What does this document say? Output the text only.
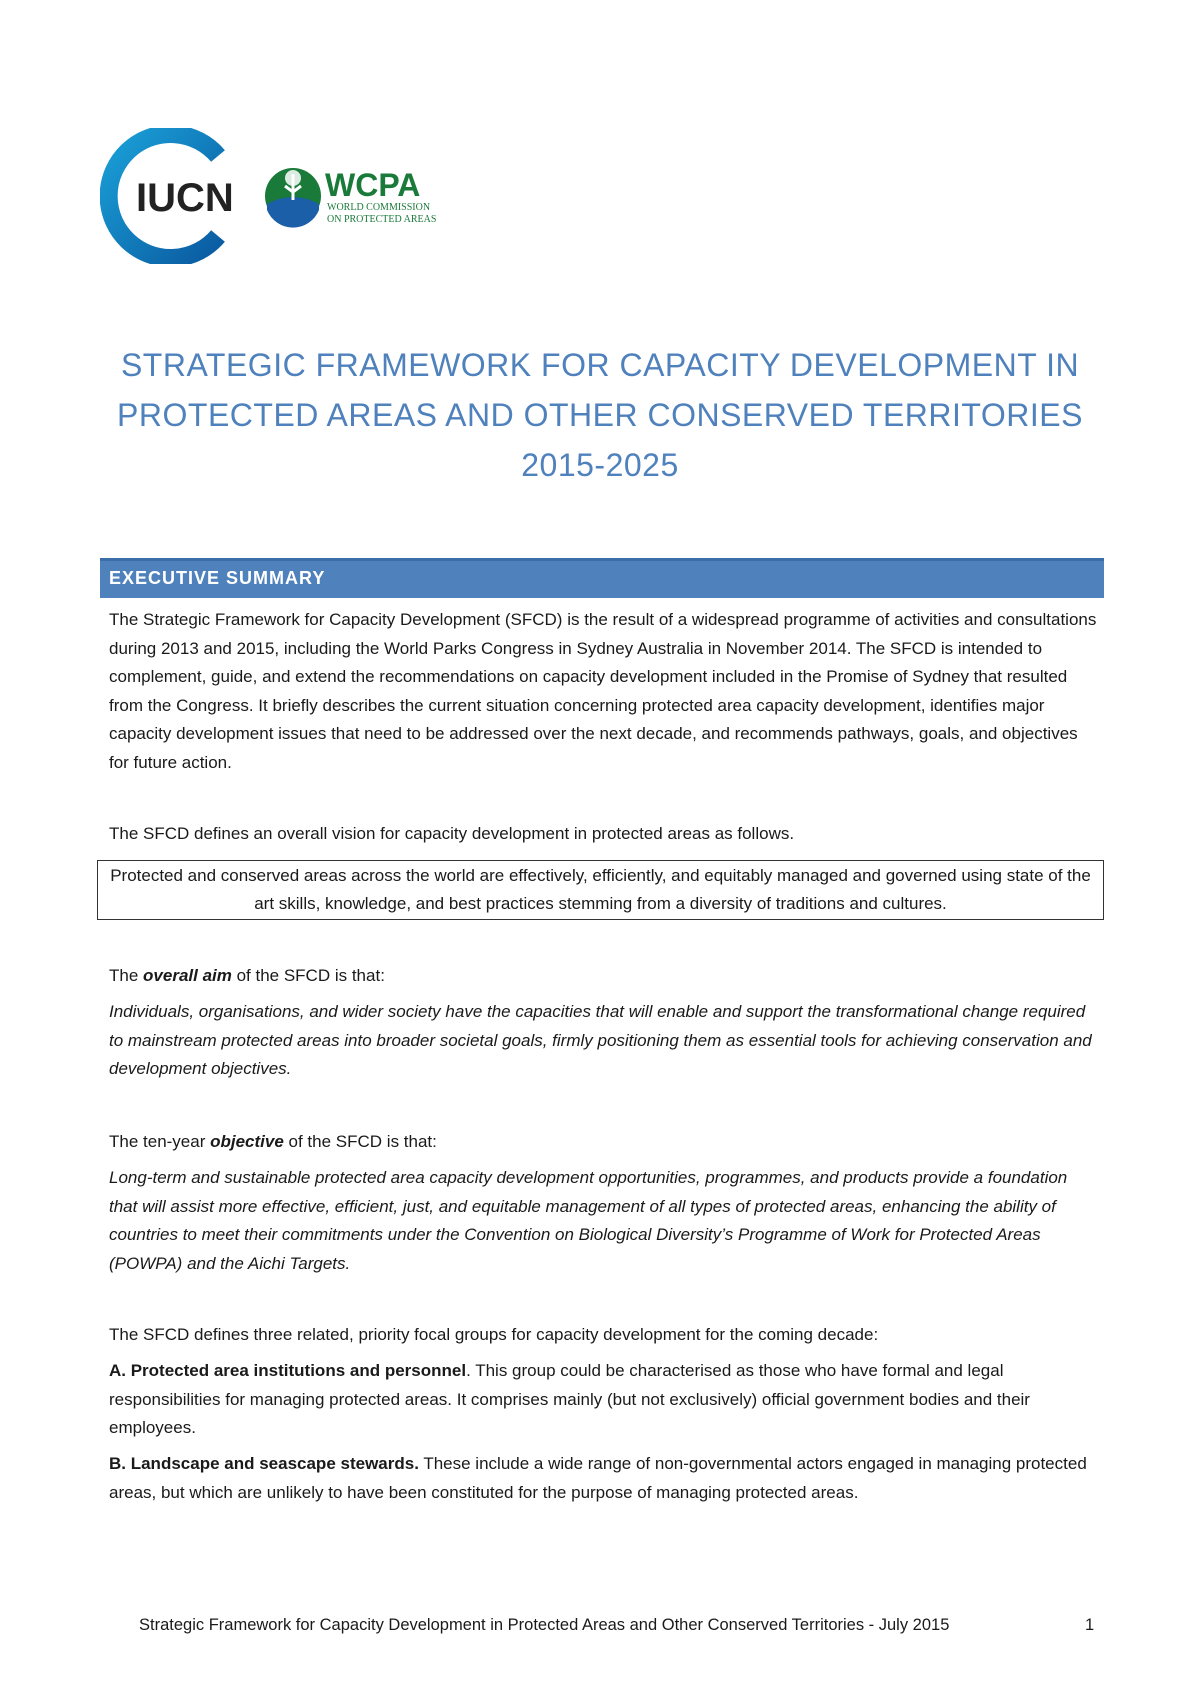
IUCN	WCPA
WORLD COMMISSION
ON PROTECTED AREAS
STRATEGIC FRAMEWORK FOR CAPACITY DEVELOPMENT IN
PROTECTED AREAS AND OTHER CONSERVED TERRITORIES
2015-2025
EXECUTIVE SUMMARY
The Strategic Framework for Capacity Development (SFCD) is the result of a widespread programme of activities and consultations during 2013 and 2015, including the World Parks Congress in Sydney Australia in November 2014. The SFCD is intended to complement, guide, and extend the recommendations on capacity development included in the Promise of Sydney that resulted from the Congress. It briefly describes the current situation concerning protected area capacity development, identifies major capacity development issues that need to be addressed over the next decade, and recommends pathways, goals, and objectives for future action.
The SFCD defines an overall vision for capacity development in protected areas as follows.
Protected and conserved areas across the world are effectively, efficiently, and equitably managed and governed using state of the art skills, knowledge, and best practices stemming from a diversity of traditions and cultures.
The overall aim of the SFCD is that:
Individuals, organisations, and wider society have the capacities that will enable and support the transformational change required to mainstream protected areas into broader societal goals, firmly positioning them as essential tools for achieving conservation and development objectives.
The ten-year objective of the SFCD is that:
Long-term and sustainable protected area capacity development opportunities, programmes, and products provide a foundation that will assist more effective, efficient, just, and equitable management of all types of protected areas, enhancing the ability of countries to meet their commitments under the Convention on Biological Diversity’s Programme of Work for Protected Areas (POWPA) and the Aichi Targets.
The SFCD defines three related, priority focal groups for capacity development for the coming decade:
A. Protected area institutions and personnel. This group could be characterised as those who have formal and legal responsibilities for managing protected areas. It comprises mainly (but not exclusively) official government bodies and their employees.
B. Landscape and seascape stewards. These include a wide range of non-governmental actors engaged in managing protected areas, but which are unlikely to have been constituted for the purpose of managing protected areas.
Strategic Framework for Capacity Development in Protected Areas and Other Conserved Territories - July 2015	1
